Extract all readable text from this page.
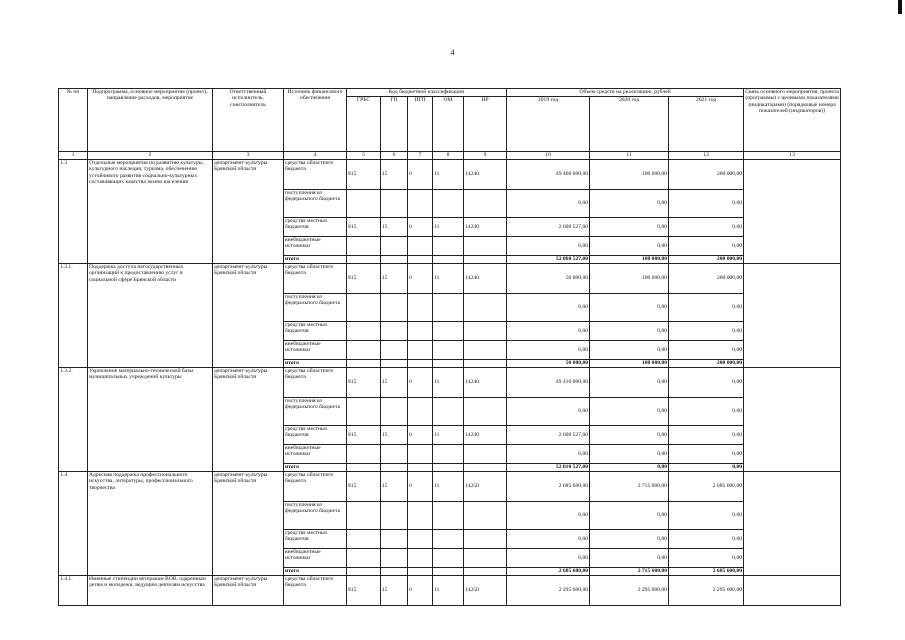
4
№ пп	Подпрограмма, основное мероприятие (проект), направление расходов, мероприятие	Ответственный исполнитель, соисполнитель	Источник финансового обеспечения	Код бюджетной классификации					Объем средств на реализацию, рублей			Связь основного мероприятия, проекта (программы) с целевыми показателями (индикаторами) (порядковые номера показателей (индикаторов))
				ГРБС	ГП	ПГП	ОМ	НР	2019 год	2020 год	2021 год	
1	2	3	4	5	6	7	8	9	10	11	12	13
1.3	Отдельные мероприятия по развитию культуры, культурного наследия, туризма, обеспечению устойчивого развития социально-культурных составляющих качества жизни населения	департамент культуры Брянской области	средства областного бюджета	815	15	0	11	14240	49 460 000,00	100 000,00	200 000,00	
			поступления из федерального бюджета						0,00	0,00	0,00	
			средства местных бюджетов	815	15	0	11	14240	2 600 527,00	0,00	0,00	
			внебюджетные источники						0,00	0,00	0,00	
			итого						52 060 527,00	100 000,00	200 000,00	
1.3.1.	Поддержка доступа негосударственных организаций к предоставлению услуг в социальной сфере Брянской области	департамент культуры Брянской области	средства областного бюджета	815	15	0	11	14240	50 000,00	100 000,00	200 000,00	
			поступления из федерального бюджета						0,00	0,00	0,00	
			средства местных бюджетов						0,00	0,00	0,00	
			внебюджетные источники						0,00	0,00	0,00	
			итого						50 000,00	100 000,00	200 000,00	
1.3.2.	Укрепление материально-технической базы муниципальных учреждений культуры	департамент культуры Брянской области	средства областного бюджета	815	15	0	11	14240	49 410 000,00	0,00	0,00	
			поступления из федерального бюджета						0,00	0,00	0,00	
			средства местных бюджетов	815	15	0	11	14240	2 600 527,00	0,00	0,00	
			внебюджетные источники						0,00	0,00	0,00	
			итого						52 010 527,00	0,00	0,00	
1.4.	Адресная поддержка профессионального искусства, литературы, профессионального творчества	департамент культуры Брянской области	средства областного бюджета	815	15	0	11	14250	2 685 600,00	2 715 600,00	2 685 600,00	
			поступления из федерального бюджета						0,00	0,00	0,00	
			средства местных бюджетов						0,00	0,00	0,00	
			внебюджетные источники						0,00	0,00	0,00	
			итого						2 685 600,00	2 715 600,00	2 685 600,00	
1.4.1.	Именные стипендии ветеранам ВОВ, одаренным детям и молодежи, ведущим деятелям искусства	департамент культуры Брянской области	средства областного бюджета	815	15	0	11	14250	2 295 600,00	2 295 600,00	2 295 600,00	
